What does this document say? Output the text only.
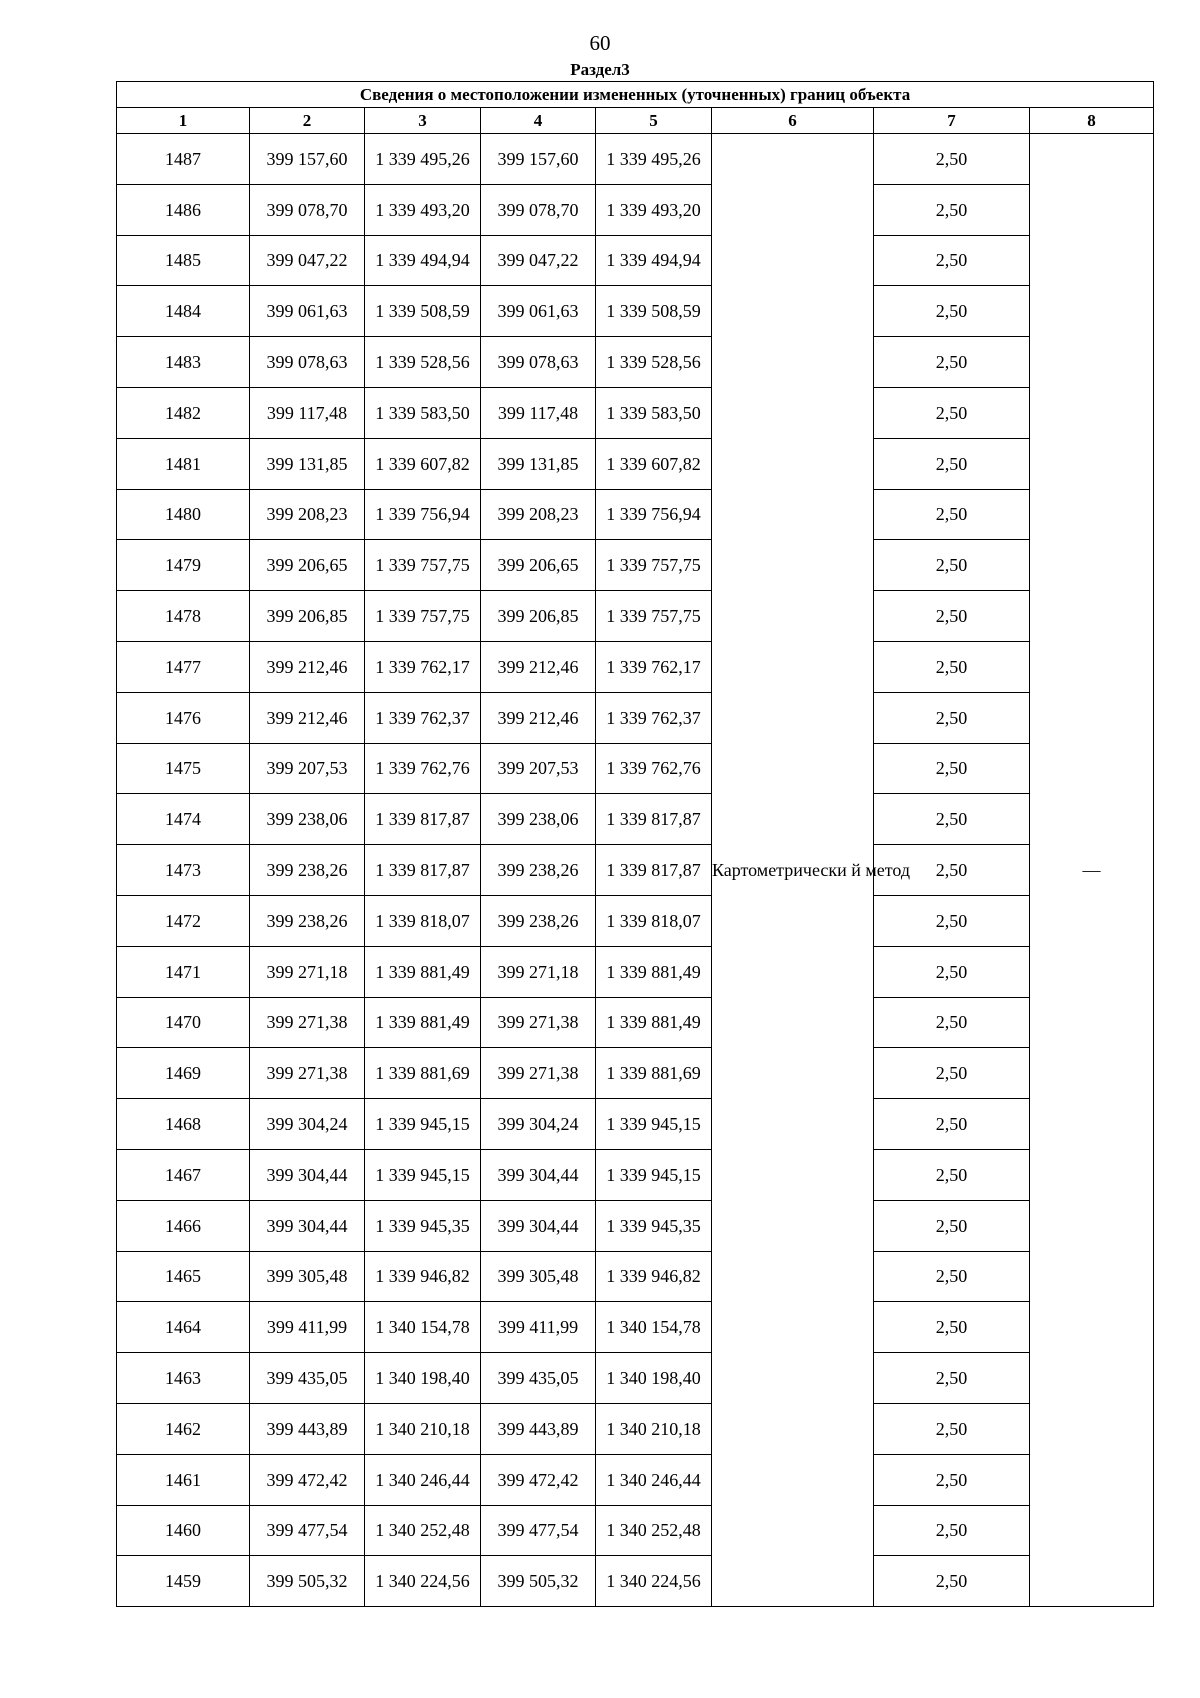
60
Раздел3
Сведения о местоположении измененных (уточненных) границ объекта							
1	2	3	4	5	6	7	8
1487	399 157,60	1 339 495,26	399 157,60	1 339 495,26	Картометрически й метод	2,50	—
1486	399 078,70	1 339 493,20	399 078,70	1 339 493,20		2,50	
1485	399 047,22	1 339 494,94	399 047,22	1 339 494,94		2,50	
1484	399 061,63	1 339 508,59	399 061,63	1 339 508,59		2,50	
1483	399 078,63	1 339 528,56	399 078,63	1 339 528,56		2,50	
1482	399 117,48	1 339 583,50	399 117,48	1 339 583,50		2,50	
1481	399 131,85	1 339 607,82	399 131,85	1 339 607,82		2,50	
1480	399 208,23	1 339 756,94	399 208,23	1 339 756,94		2,50	
1479	399 206,65	1 339 757,75	399 206,65	1 339 757,75		2,50	
1478	399 206,85	1 339 757,75	399 206,85	1 339 757,75		2,50	
1477	399 212,46	1 339 762,17	399 212,46	1 339 762,17		2,50	
1476	399 212,46	1 339 762,37	399 212,46	1 339 762,37		2,50	
1475	399 207,53	1 339 762,76	399 207,53	1 339 762,76		2,50	
1474	399 238,06	1 339 817,87	399 238,06	1 339 817,87		2,50	
1473	399 238,26	1 339 817,87	399 238,26	1 339 817,87		2,50	
1472	399 238,26	1 339 818,07	399 238,26	1 339 818,07		2,50	
1471	399 271,18	1 339 881,49	399 271,18	1 339 881,49		2,50	
1470	399 271,38	1 339 881,49	399 271,38	1 339 881,49		2,50	
1469	399 271,38	1 339 881,69	399 271,38	1 339 881,69		2,50	
1468	399 304,24	1 339 945,15	399 304,24	1 339 945,15		2,50	
1467	399 304,44	1 339 945,15	399 304,44	1 339 945,15		2,50	
1466	399 304,44	1 339 945,35	399 304,44	1 339 945,35		2,50	
1465	399 305,48	1 339 946,82	399 305,48	1 339 946,82		2,50	
1464	399 411,99	1 340 154,78	399 411,99	1 340 154,78		2,50	
1463	399 435,05	1 340 198,40	399 435,05	1 340 198,40		2,50	
1462	399 443,89	1 340 210,18	399 443,89	1 340 210,18		2,50	
1461	399 472,42	1 340 246,44	399 472,42	1 340 246,44		2,50	
1460	399 477,54	1 340 252,48	399 477,54	1 340 252,48		2,50	
1459	399 505,32	1 340 224,56	399 505,32	1 340 224,56		2,50	
